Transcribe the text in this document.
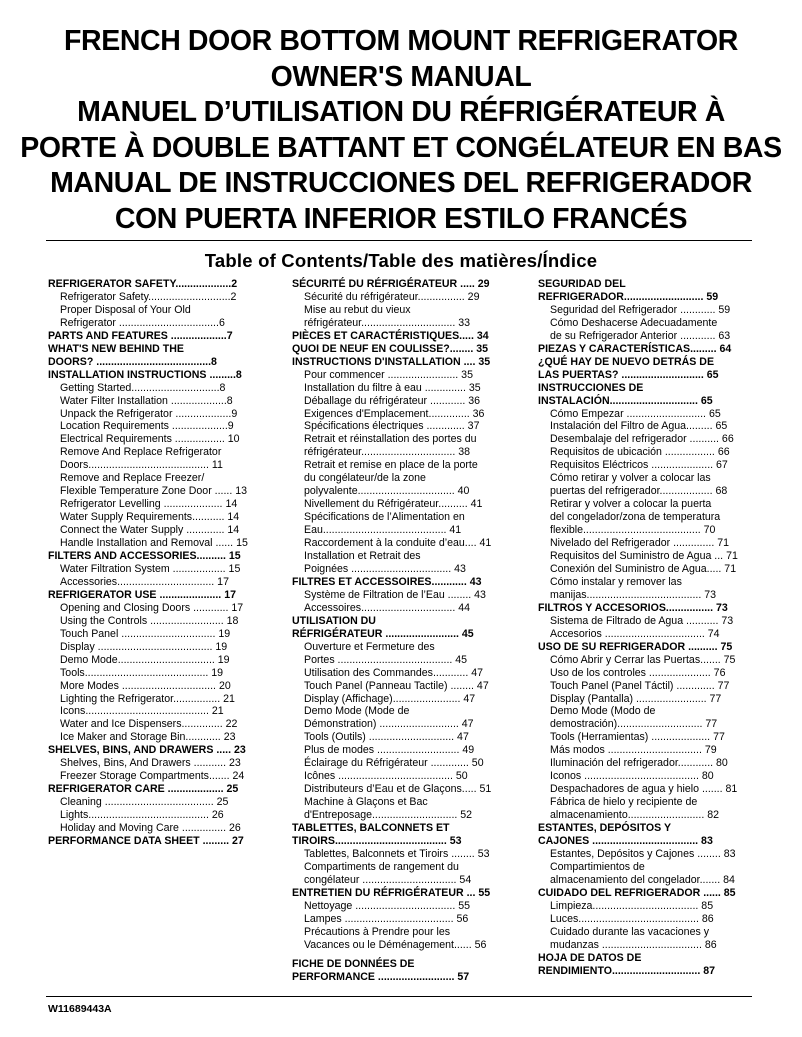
FRENCH DOOR BOTTOM MOUNT REFRIGERATOR
OWNER'S MANUAL
MANUEL D’UTILISATION DU RÉFRIGÉRATEUR À
PORTE À DOUBLE BATTANT ET CONGÉLATEUR EN BAS
MANUAL DE INSTRUCCIONES DEL REFRIGERADOR
CON PUERTA INFERIOR ESTILO FRANCÉS
Table of Contents/Table des matières/Índice
REFRIGERATOR SAFETY...................2
Refrigerator Safety............................2
Proper Disposal of Your Old
Refrigerator ..................................6
PARTS AND FEATURES ...................7
WHAT'S NEW BEHIND THE
DOORS? .......................................8
INSTALLATION INSTRUCTIONS .........8
Getting Started..............................8
Water Filter Installation ...................8
Unpack the Refrigerator ...................9
Location Requirements ...................9
Electrical Requirements ................. 10
Remove And Replace Refrigerator
Doors......................................... 11
Remove and Replace Freezer/
Flexible Temperature Zone Door ...... 13
Refrigerator Levelling .................... 14
Water Supply Requirements........... 14
Connect the Water Supply ............. 14
Handle Installation and Removal ...... 15
FILTERS AND ACCESSORIES.......... 15
Water Filtration System .................. 15
Accessories................................. 17
REFRIGERATOR USE ..................... 17
Opening and Closing Doors ............ 17
Using the Controls ......................... 18
Touch Panel ................................ 19
Display ....................................... 19
Demo Mode................................. 19
Tools.......................................... 19
More Modes ................................ 20
Lighting the Refrigerator................ 21
Icons.......................................... 21
Water and Ice Dispensers.............. 22
Ice Maker and Storage Bin............ 23
SHELVES, BINS, AND DRAWERS ..... 23
Shelves, Bins, And Drawers ........... 23
Freezer Storage Compartments....... 24
REFRIGERATOR CARE ................... 25
Cleaning ..................................... 25
Lights......................................... 26
Holiday and Moving Care ............... 26
PERFORMANCE DATA SHEET ......... 27
SÉCURITÉ DU RÉFRIGÉRATEUR ..... 29
Sécurité du réfrigérateur................ 29
Mise au rebut du vieux
réfrigérateur................................ 33
PIÈCES ET CARACTÉRISTIQUES..... 34
QUOI DE NEUF EN COULISSE?........ 35
INSTRUCTIONS D'INSTALLATION .... 35
Pour commencer ........................ 35
Installation du filtre à eau .............. 35
Déballage du réfrigérateur ............ 36
Exigences d'Emplacement.............. 36
Spécifications électriques ............. 37
Retrait et réinstallation des portes du
réfrigérateur................................ 38
Retrait et remise en place de la porte
du congélateur/de la zone
polyvalente................................. 40
Nivellement du Réfrigérateur.......... 41
Spécifications de l’Alimentation en
Eau.......................................... 41
Raccordement à la conduite d’eau.... 41
Installation et Retrait des
Poignées .................................. 43
FILTRES ET ACCESSOIRES............ 43
Système de Filtration de l’Eau ........ 43
Accessoires................................ 44
UTILISATION DU
RÉFRIGÉRATEUR ......................... 45
Ouverture et Fermeture des
Portes ....................................... 45
Utilisation des Commandes............ 47
Touch Panel (Panneau Tactile) ........ 47
Display (Affichage)....................... 47
Demo Mode (Mode de
Démonstration) ........................... 47
Tools (Outils) ............................. 47
Plus de modes ............................ 49
Éclairage du Réfrigérateur ............. 50
Icônes ....................................... 50
Distributeurs d’Eau et de Glaçons..... 51
Machine à Glaçons et Bac
d'Entreposage............................. 52
TABLETTES, BALCONNETS ET
TIROIRS...................................... 53
Tablettes, Balconnets et Tiroirs ........ 53
Compartiments de rangement du
congélateur ................................ 54
ENTRETIEN DU RÉFRIGÉRATEUR ... 55
Nettoyage .................................. 55
Lampes ..................................... 56
Précautions à Prendre pour les
Vacances ou le Déménagement...... 56
FICHE DE DONNÉES DE
PERFORMANCE .......................... 57
SEGURIDAD DEL
REFRIGERADOR........................... 59
Seguridad del Refrigerador ............ 59
Cómo Deshacerse Adecuadamente
de su Refrigerador Anterior ............ 63
PIEZAS Y CARACTERÍSTICAS......... 64
¿QUÉ HAY DE NUEVO DETRÁS DE
LAS PUERTAS? ............................ 65
INSTRUCCIONES DE
INSTALACIÓN.............................. 65
Cómo Empezar ........................... 65
Instalación del Filtro de Agua......... 65
Desembalaje del refrigerador .......... 66
Requisitos de ubicación ................. 66
Requisitos Eléctricos ..................... 67
Cómo retirar y volver a colocar las
puertas del refrigerador.................. 68
Retirar y volver a colocar la puerta
del congelador/zona de temperatura
flexible........................................ 70
Nivelado del Refrigerador .............. 71
Requisitos del Suministro de Agua ... 71
Conexión del Suministro de Agua..... 71
Cómo instalar y remover las
manijas....................................... 73
FILTROS Y ACCESORIOS................ 73
Sistema de Filtrado de Agua ........... 73
Accesorios .................................. 74
USO DE SU REFRIGERADOR .......... 75
Cómo Abrir y Cerrar las Puertas....... 75
Uso de los controles ..................... 76
Touch Panel (Panel Táctil) ............. 77
Display (Pantalla) ........................ 77
Demo Mode (Modo de
demostración)............................. 77
Tools (Herramientas) .................... 77
Más modos ................................ 79
Iluminación del refrigerador............ 80
Iconos ....................................... 80
Despachadores de agua y hielo ....... 81
Fábrica de hielo y recipiente de
almacenamiento.......................... 82
ESTANTES, DEPÓSITOS Y
CAJONES .................................... 83
Estantes, Depósitos y Cajones ........ 83
Compartimientos de
almacenamiento del congelador....... 84
CUIDADO DEL REFRIGERADOR ...... 85
Limpieza.................................... 85
Luces......................................... 86
Cuidado durante las vacaciones y
mudanzas .................................. 86
HOJA DE DATOS DE
RENDIMIENTO.............................. 87
W11689443A
